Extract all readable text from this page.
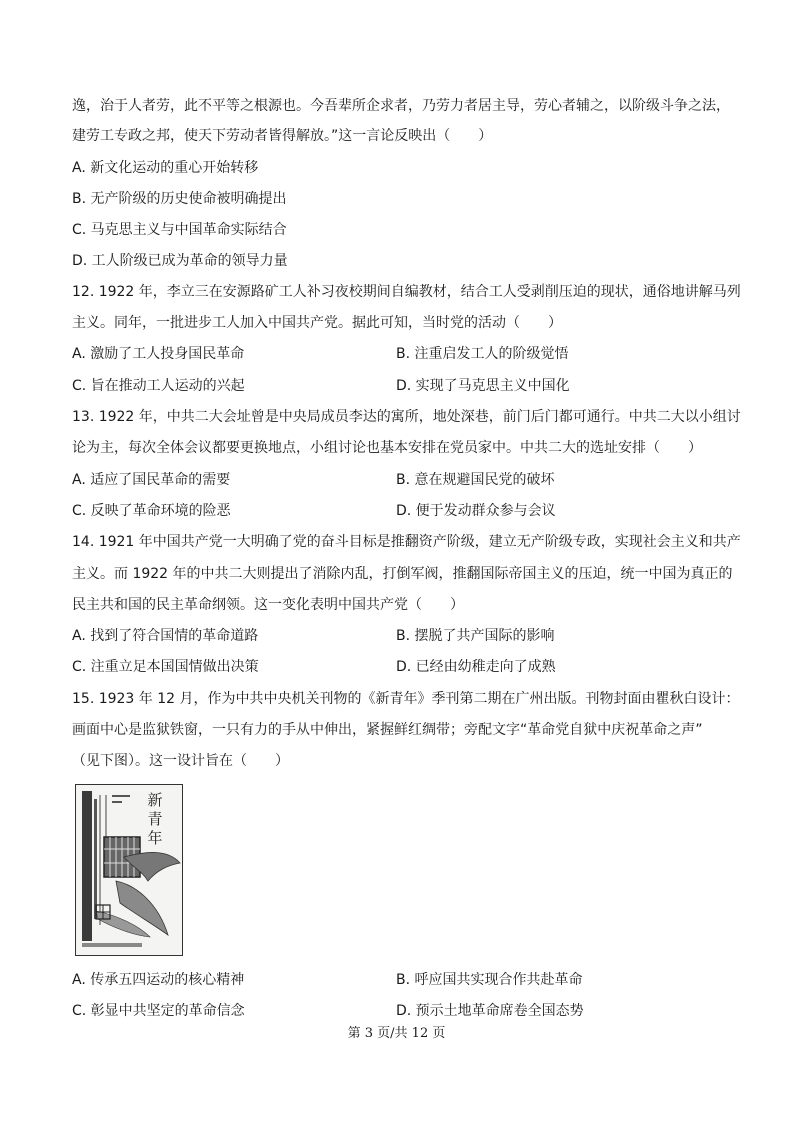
逸，治于人者劳，此不平等之根源也。今吾辈所企求者，乃劳力者居主导，劳心者辅之，以阶级斗争之法，
建劳工专政之邦，使天下劳动者皆得解放。”这一言论反映出（　　）
A. 新文化运动的重心开始转移
B. 无产阶级的历史使命被明确提出
C. 马克思主义与中国革命实际结合
D. 工人阶级已成为革命的领导力量
12. 1922 年，李立三在安源路矿工人补习夜校期间自编教材，结合工人受剥削压迫的现状，通俗地讲解马列
主义。同年，一批进步工人加入中国共产党。据此可知，当时党的活动（　　）
A. 激励了工人投身国民革命	B. 注重启发工人的阶级觉悟
C. 旨在推动工人运动的兴起	D. 实现了马克思主义中国化
13. 1922 年，中共二大会址曾是中央局成员李达的寓所，地处深巷，前门后门都可通行。中共二大以小组讨
论为主，每次全体会议都要更换地点，小组讨论也基本安排在党员家中。中共二大的选址安排（　　）
A. 适应了国民革命的需要	B. 意在规避国民党的破坏
C. 反映了革命环境的险恶	D. 便于发动群众参与会议
14. 1921 年中国共产党一大明确了党的奋斗目标是推翻资产阶级，建立无产阶级专政，实现社会主义和共产
主义。而 1922 年的中共二大则提出了消除内乱，打倒军阀，推翻国际帝国主义的压迫，统一中国为真正的
民主共和国的民主革命纲领。这一变化表明中国共产党（　　）
A. 找到了符合国情的革命道路	B. 摆脱了共产国际的影响
C. 注重立足本国国情做出决策	D. 已经由幼稚走向了成熟
15. 1923 年 12 月，作为中共中央机关刊物的《新青年》季刊第二期在广州出版。刊物封面由瞿秋白设计：
画面中心是监狱铁窗，一只有力的手从中伸出，紧握鲜红绸带；旁配文字“革命党自狱中庆祝革命之声”
（见下图）。这一设计旨在（　　）
新
青
年
A. 传承五四运动的核心精神	B. 呼应国共实现合作共赴革命
C. 彰显中共坚定的革命信念	D. 预示土地革命席卷全国态势
第 3 页/共 12 页
